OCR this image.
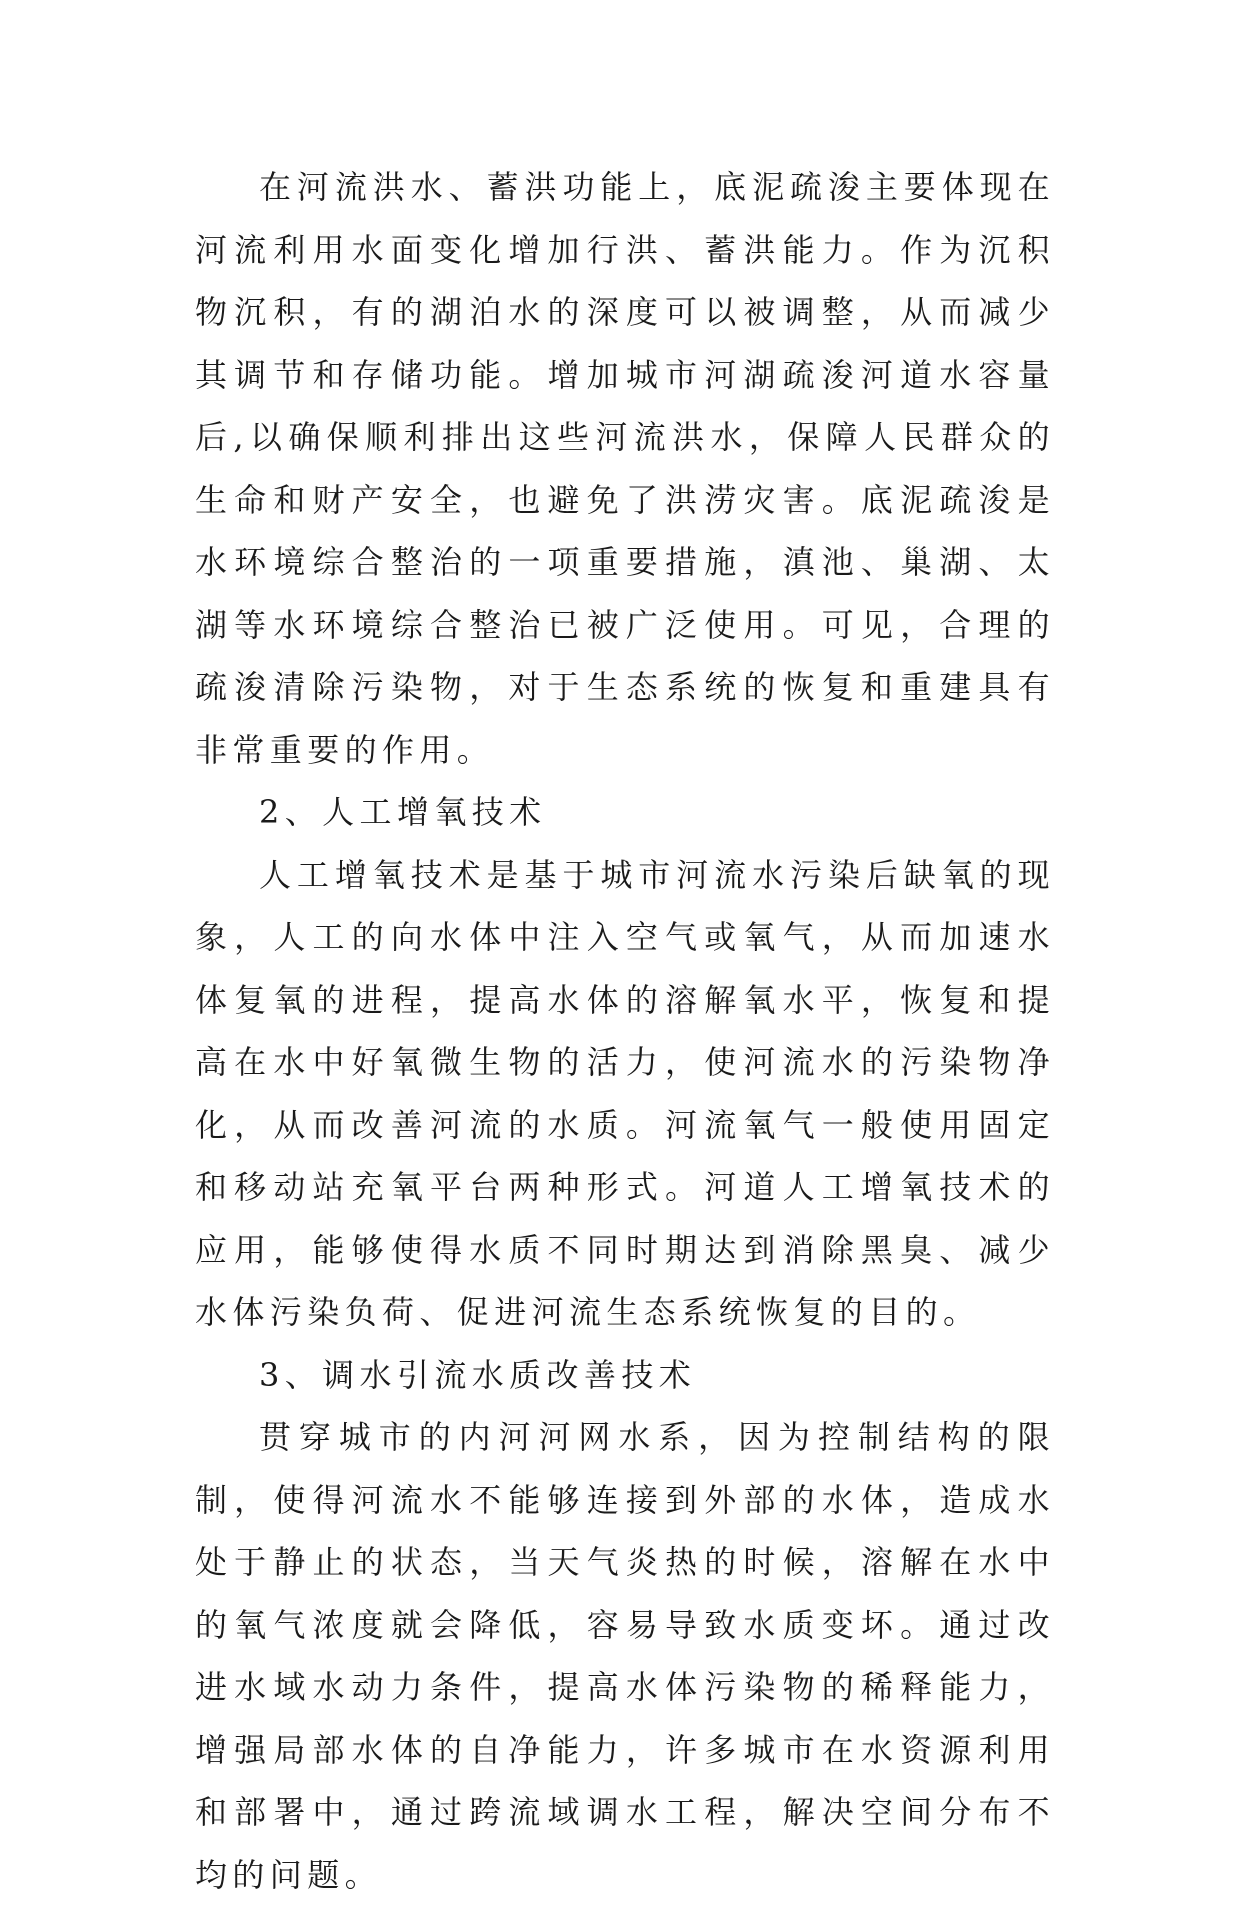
在河流洪水、蓄洪功能上，底泥疏浚主要体现在河流利用水面变化增加行洪、蓄洪能力。作为沉积物沉积，有的湖泊水的深度可以被调整，从而减少其调节和存储功能。增加城市河湖疏浚河道水容量后,以确保顺利排出这些河流洪水，保障人民群众的生命和财产安全，也避免了洪涝灾害。底泥疏浚是水环境综合整治的一项重要措施，滇池、巢湖、太湖等水环境综合整治已被广泛使用。可见，合理的疏浚清除污染物，对于生态系统的恢复和重建具有非常重要的作用。

2、人工增氧技术

人工增氧技术是基于城市河流水污染后缺氧的现象，人工的向水体中注入空气或氧气，从而加速水体复氧的进程，提高水体的溶解氧水平，恢复和提高在水中好氧微生物的活力，使河流水的污染物净化，从而改善河流的水质。河流氧气一般使用固定和移动站充氧平台两种形式。河道人工增氧技术的应用，能够使得水质不同时期达到消除黑臭、减少水体污染负荷、促进河流生态系统恢复的目的。

3、调水引流水质改善技术

贯穿城市的内河河网水系，因为控制结构的限制，使得河流水不能够连接到外部的水体，造成水处于静止的状态，当天气炎热的时候，溶解在水中的氧气浓度就会降低，容易导致水质变坏。通过改进水域水动力条件，提高水体污染物的稀释能力，增强局部水体的自净能力，许多城市在水资源利用和部署中，通过跨流域调水工程，解决空间分布不均的问题。
